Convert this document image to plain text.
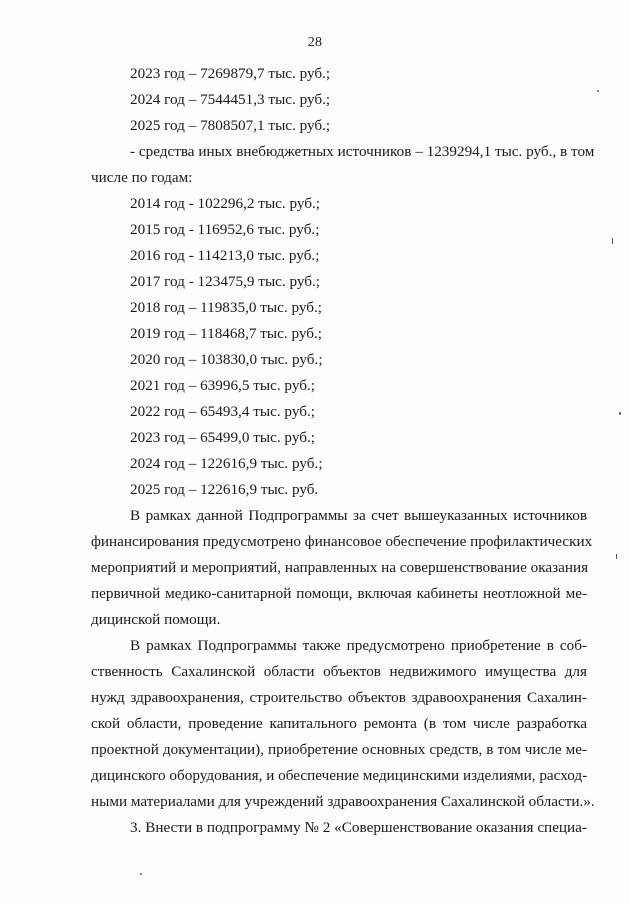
28
2023 год – 7269879,7 тыс. руб.;
2024 год – 7544451,3 тыс. руб.;
2025 год – 7808507,1 тыс. руб.;
- средства иных внебюджетных источников – 1239294,1 тыс. руб., в том
числе по годам:
2014 год - 102296,2 тыс. руб.;
2015 год - 116952,6 тыс. руб.;
2016 год - 114213,0 тыс. руб.;
2017 год - 123475,9 тыс. руб.;
2018 год – 119835,0 тыс. руб.;
2019 год – 118468,7 тыс. руб.;
2020 год – 103830,0 тыс. руб.;
2021 год – 63996,5 тыс. руб.;
2022 год – 65493,4 тыс. руб.;
2023 год – 65499,0 тыс. руб.;
2024 год – 122616,9 тыс. руб.;
2025 год – 122616,9 тыс. руб.
В рамках данной Подпрограммы за счет вышеуказанных источников
финансирования предусмотрено финансовое обеспечение профилактических
мероприятий и мероприятий, направленных на совершенствование оказания
первичной медико-санитарной помощи, включая кабинеты неотложной ме-
дицинской помощи.
В рамках Подпрограммы также предусмотрено приобретение в соб-
ственность Сахалинской области объектов недвижимого имущества для
нужд здравоохранения, строительство объектов здравоохранения Сахалин-
ской области, проведение капитального ремонта (в том числе разработка
проектной документации), приобретение основных средств, в том числе ме-
дицинского оборудования, и обеспечение медицинскими изделиями, расход-
ными материалами для учреждений здравоохранения Сахалинской области.».
3. Внести в подпрограмму № 2 «Совершенствование оказания специа-
